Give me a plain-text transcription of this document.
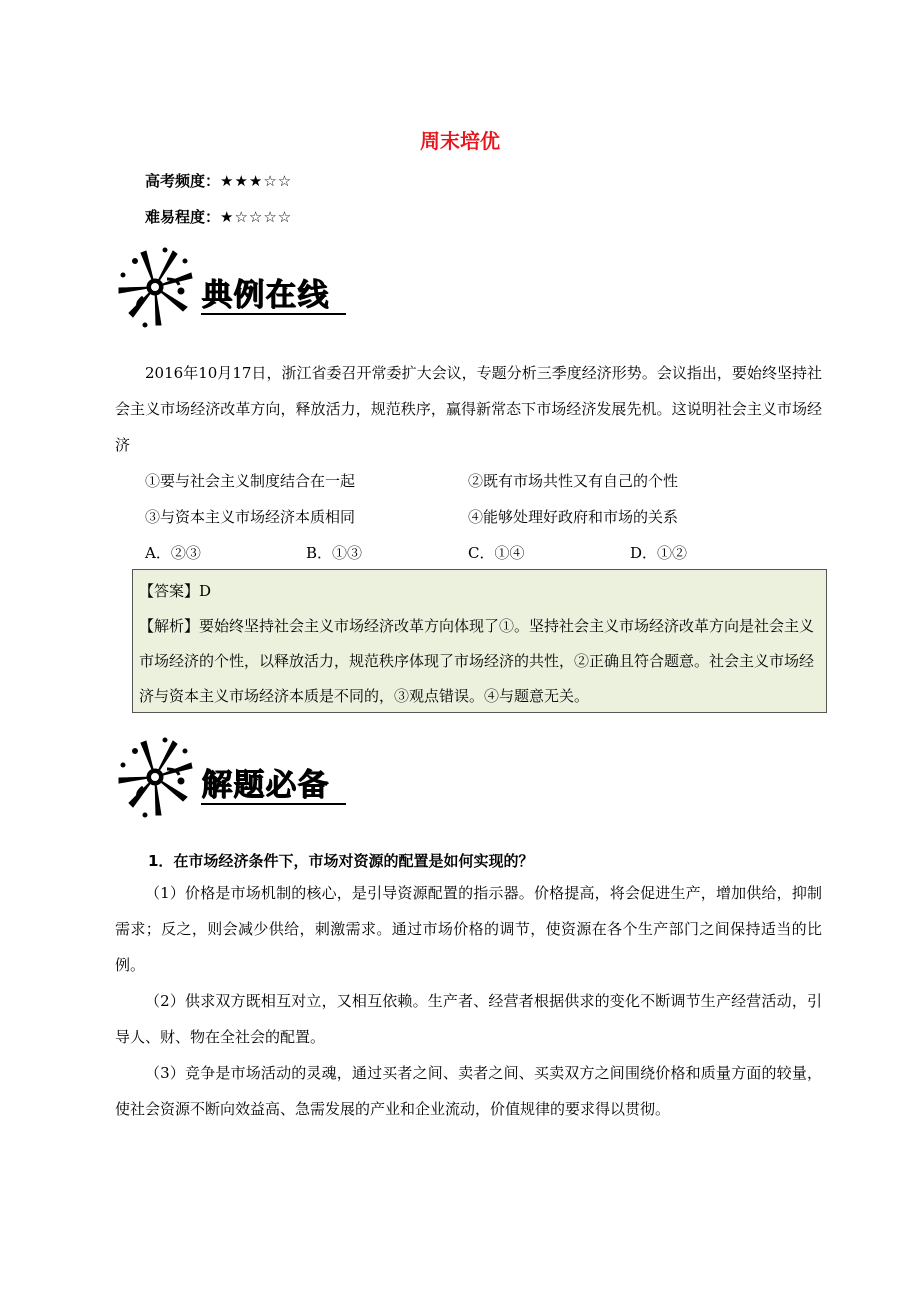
周末培优
高考频度：★★★☆☆
难易程度：★☆☆☆☆
典例在线
2016年10月17日，浙江省委召开常委扩大会议，专题分析三季度经济形势。会议指出，要始终坚持社会主义市场经济改革方向，释放活力，规范秩序，赢得新常态下市场经济发展先机。这说明社会主义市场经济
①要与社会主义制度结合在一起	②既有市场共性又有自己的个性
③与资本主义市场经济本质相同	④能够处理好政府和市场的关系
A．②③	B．①③	C．①④	D．①②
【答案】D
【解析】要始终坚持社会主义市场经济改革方向体现了①。坚持社会主义市场经济改革方向是社会主义市场经济的个性，以释放活力，规范秩序体现了市场经济的共性，②正确且符合题意。社会主义市场经济与资本主义市场经济本质是不同的，③观点错误。④与题意无关。
解题必备
1．在市场经济条件下，市场对资源的配置是如何实现的？
（1）价格是市场机制的核心，是引导资源配置的指示器。价格提高，将会促进生产，增加供给，抑制需求；反之，则会减少供给，刺激需求。通过市场价格的调节，使资源在各个生产部门之间保持适当的比例。
（2）供求双方既相互对立，又相互依赖。生产者、经营者根据供求的变化不断调节生产经营活动，引导人、财、物在全社会的配置。
（3）竞争是市场活动的灵魂，通过买者之间、卖者之间、买卖双方之间围绕价格和质量方面的较量，使社会资源不断向效益高、急需发展的产业和企业流动，价值规律的要求得以贯彻。
